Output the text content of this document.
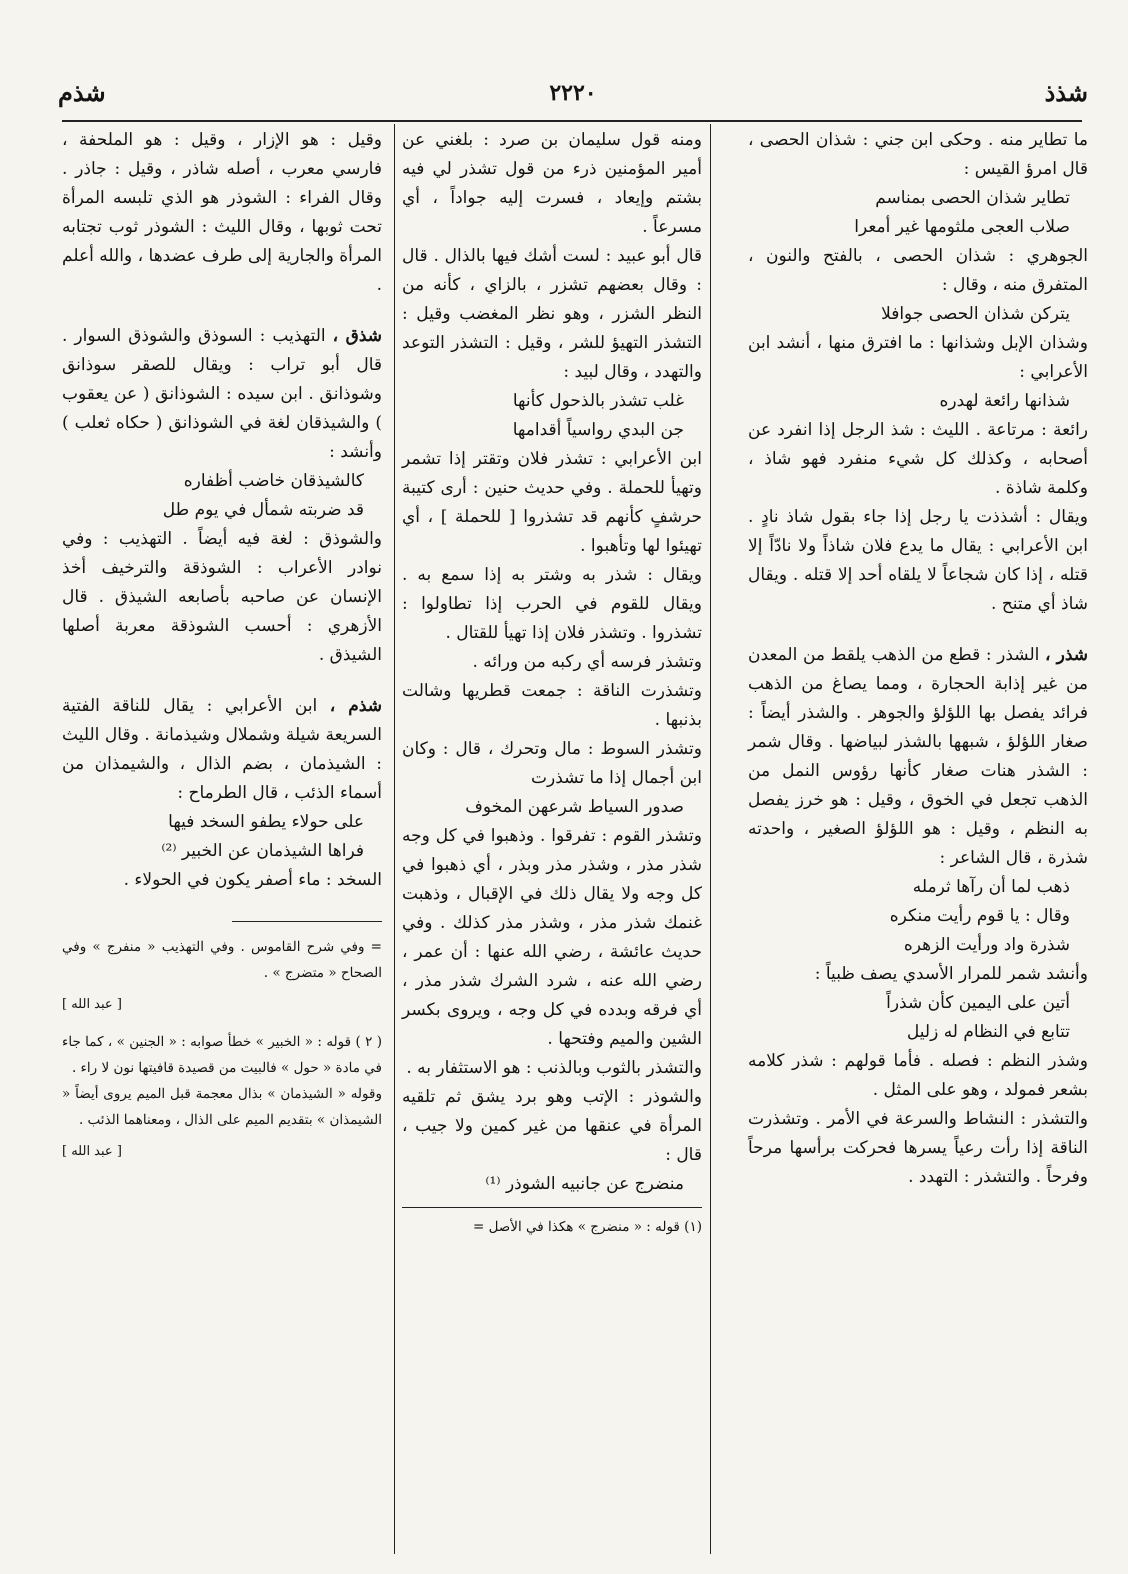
شذذ
٢٢٢٠
شذم

ما تطاير منه . وحكى ابن جني : شذان الحصى ، قال امرؤ القيس :

تطاير شذان الحصى بمناسم

صلاب العجى ملثومها غير أمعرا

الجوهري : شذان الحصى ، بالفتح والنون ، المتفرق منه ، وقال :

يتركن شذان الحصى جوافلا

وشذان الإبل وشذانها : ما افترق منها ، أنشد ابن الأعرابي :

شذانها رائعة لهدره

رائعة : مرتاعة . الليث : شذ الرجل إذا انفرد عن أصحابه ، وكذلك كل شيء منفرد فهو شاذ ، وكلمة شاذة .

ويقال : أشذذت يا رجل إذا جاء بقول شاذ نادٍ . ابن الأعرابي : يقال ما يدع فلان شاذاً ولا نادّاً إلا قتله ، إذا كان شجاعاً لا يلقاه أحد إلا قتله . ويقال شاذ أي متنح .

شذر ، الشذر : قطع من الذهب يلقط من المعدن من غير إذابة الحجارة ، ومما يصاغ من الذهب فرائد يفصل بها اللؤلؤ والجوهر . والشذر أيضاً : صغار اللؤلؤ ، شبهها بالشذر لبياضها . وقال شمر : الشذر هنات صغار كأنها رؤوس النمل من الذهب تجعل في الخوق ، وقيل : هو خرز يفصل به النظم ، وقيل : هو اللؤلؤ الصغير ، واحدته شذرة ، قال الشاعر :

ذهب لما أن رآها ثرمله

وقال : يا قوم رأيت منكره

شذرة واد ورأيت الزهره

وأنشد شمر للمرار الأسدي يصف ظبياً :

أتين على اليمين كأن شذراً

تتابع في النظام له زليل

وشذر النظم : فصله . فأما قولهم : شذر كلامه بشعر فمولد ، وهو على المثل .

والتشذر : النشاط والسرعة في الأمر . وتشذرت الناقة إذا رأت رعياً يسرها فحركت برأسها مرحاً وفرحاً . والتشذر : التهدد .

ومنه قول سليمان بن صرد : بلغني عن أمير المؤمنين ذرء من قول تشذر لي فيه بشتم وإيعاد ، فسرت إليه جواداً ، أي مسرعاً .

قال أبو عبيد : لست أشك فيها بالذال . قال : وقال بعضهم تشزر ، بالزاي ، كأنه من النظر الشزر ، وهو نظر المغضب وقيل : التشذر التهيؤ للشر ، وقيل : التشذر التوعد والتهدد ، وقال لبيد :

غلب تشذر بالذحول كأنها

جن البدي رواسياً أقدامها

ابن الأعرابي : تشذر فلان وتقتر إذا تشمر وتهيأ للحملة . وفي حديث حنين : أرى كتيبة حرشفٍ كأنهم قد تشذروا [ للحملة ] ، أي تهيئوا لها وتأهبوا .

ويقال : شذر به وشتر به إذا سمع به . ويقال للقوم في الحرب إذا تطاولوا : تشذروا . وتشذر فلان إذا تهيأ للقتال .

وتشذر فرسه أي ركبه من ورائه .

وتشذرت الناقة : جمعت قطريها وشالت بذنبها .

وتشذر السوط : مال وتحرك ، قال : وكان ابن أجمال إذا ما تشذرت

صدور السياط شرعهن المخوف

وتشذر القوم : تفرقوا . وذهبوا في كل وجه شذر مذر ، وشذر مذر وبذر ، أي ذهبوا في كل وجه ولا يقال ذلك في الإقبال ، وذهبت غنمك شذر مذر ، وشذر مذر كذلك . وفي حديث عائشة ، رضي الله عنها : أن عمر ، رضي الله عنه ، شرد الشرك شذر مذر ، أي فرقه وبدده في كل وجه ، ويروى بكسر الشين والميم وفتحها .

والتشذر بالثوب وبالذنب : هو الاستثفار به .

والشوذر : الإتب وهو برد يشق ثم تلقيه المرأة في عنقها من غير كمين ولا جيب ، قال :

منضرج عن جانبيه الشوذر ⁽¹⁾

(١) قوله : « منضرج » هكذا في الأصل =

وقيل : هو الإزار ، وقيل : هو الملحفة ، فارسي معرب ، أصله شاذر ، وقيل : جاذر . وقال الفراء : الشوذر هو الذي تلبسه المرأة تحت ثوبها ، وقال الليث : الشوذر ثوب تجتابه المرأة والجارية إلى طرف عضدها ، والله أعلم .

شذق ، التهذيب : السوذق والشوذق السوار . قال أبو تراب : ويقال للصقر سوذانق وشوذانق . ابن سيده : الشوذانق ( عن يعقوب ) والشيذقان لغة في الشوذانق ( حكاه ثعلب ) وأنشد :

كالشيذقان خاضب أظفاره

قد ضربته شمأل في يوم طل

والشوذق : لغة فيه أيضاً . التهذيب : وفي نوادر الأعراب : الشوذقة والترخيف أخذ الإنسان عن صاحبه بأصابعه الشيذق . قال الأزهري : أحسب الشوذقة معربة أصلها الشيذق .

شذم ، ابن الأعرابي : يقال للناقة الفتية السريعة شيلة وشملال وشيذمانة . وقال الليث : الشيذمان ، بضم الذال ، والشيمذان من أسماء الذئب ، قال الطرماح :

على حولاء يطفو السخد فيها

فراها الشيذمان عن الخبير ⁽²⁾

السخد : ماء أصفر يكون في الحولاء .

= وفي شرح القاموس . وفي التهذيب « منفرج » وفي الصحاح « متضرج » .

[ عبد الله ]

( ٢ ) قوله : « الخبير » خطأ صوابه : « الجنين » ، كما جاء في مادة « حول » فالبيت من قصيدة قافيتها نون لا راء .

وقوله « الشيذمان » بذال معجمة قبل الميم يروى أيضاً « الشيمذان » بتقديم الميم على الذال ، ومعناهما الذئب .

[ عبد الله ]
